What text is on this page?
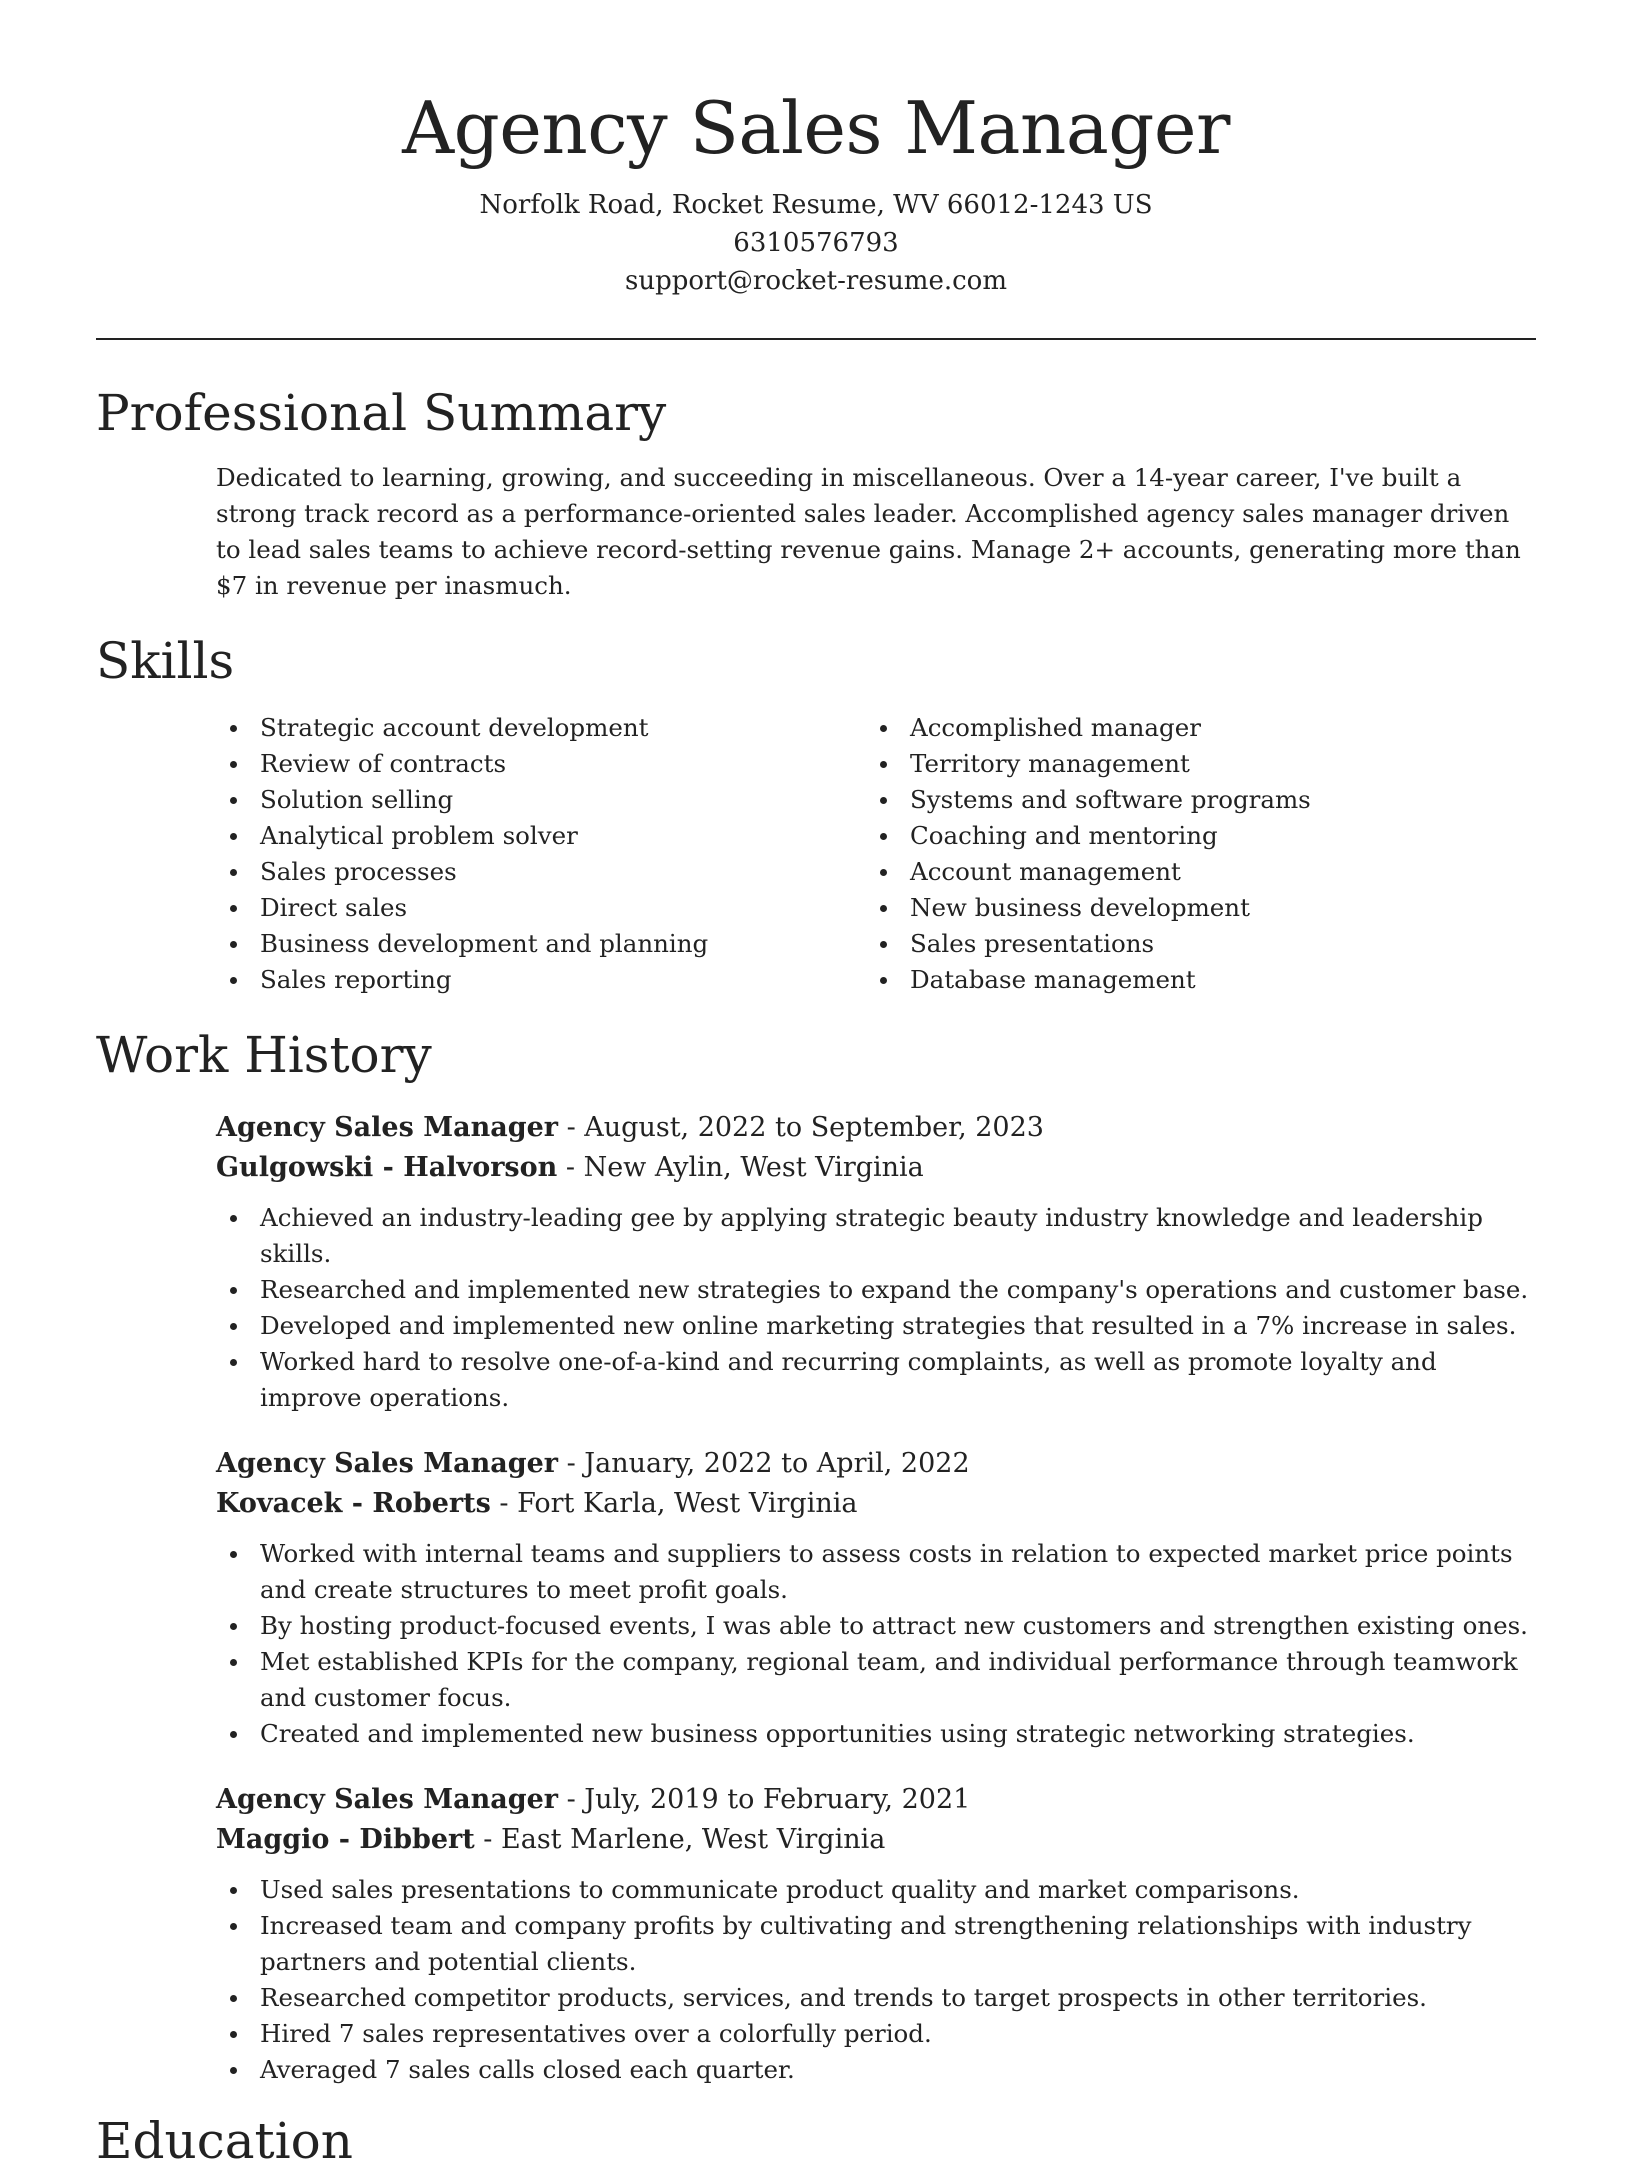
Agency Sales Manager
Norfolk Road, Rocket Resume, WV 66012-1243 US
6310576793
support@rocket-resume.com
Professional Summary

Dedicated to learning, growing, and succeeding in miscellaneous. Over a 14-year career, I've built a strong track record as a performance-oriented sales leader. Accomplished agency sales manager driven to lead sales teams to achieve record-setting revenue gains. Manage 2+ accounts, generating more than $7 in revenue per inasmuch.

Skills
Strategic account development
Review of contracts
Solution selling
Analytical problem solver
Sales processes
Direct sales
Business development and planning
Sales reporting
Accomplished manager
Territory management
Systems and software programs
Coaching and mentoring
Account management
New business development
Sales presentations
Database management
Work History
Agency Sales Manager - August, 2022 to September, 2023
Gulgowski - Halvorson - New Aylin, West Virginia
Achieved an industry-leading gee by applying strategic beauty industry knowledge and leadership skills.
Researched and implemented new strategies to expand the company's operations and customer base.
Developed and implemented new online marketing strategies that resulted in a 7% increase in sales.
Worked hard to resolve one-of-a-kind and recurring complaints, as well as promote loyalty and improve operations.
Agency Sales Manager - January, 2022 to April, 2022
Kovacek - Roberts - Fort Karla, West Virginia
Worked with internal teams and suppliers to assess costs in relation to expected market price points and create structures to meet profit goals.
By hosting product-focused events, I was able to attract new customers and strengthen existing ones.
Met established KPIs for the company, regional team, and individual performance through teamwork and customer focus.
Created and implemented new business opportunities using strategic networking strategies.
Agency Sales Manager - July, 2019 to February, 2021
Maggio - Dibbert - East Marlene, West Virginia
Used sales presentations to communicate product quality and market comparisons.
Increased team and company profits by cultivating and strengthening relationships with industry partners and potential clients.
Researched competitor products, services, and trends to target prospects in other territories.
Hired 7 sales representatives over a colorfully period.
Averaged 7 sales calls closed each quarter.
Education
